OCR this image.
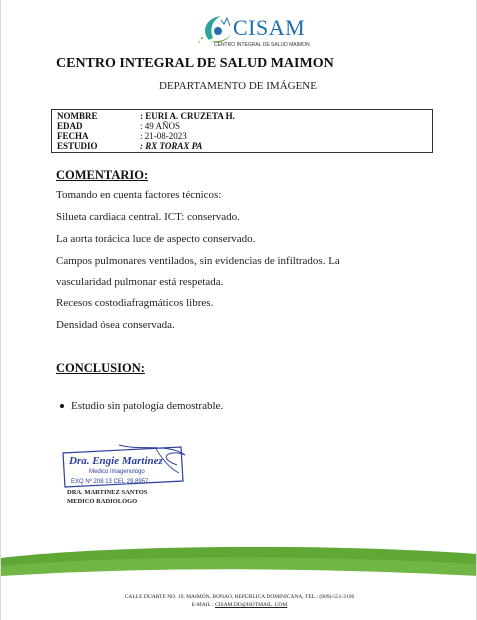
CISAM
CENTRO INTEGRAL DE SALUD MAIMON
CENTRO INTEGRAL DE SALUD MAIMON
DEPARTAMENTO DE IMÁGENE
NOMBRE	: EURI A. CRUZETA H.
EDAD	: 49 AÑOS
FECHA	: 21-08-2023
ESTUDIO	: RX TORAX PA
COMENTARIO:
Tomando en cuenta factores técnicos:
Silueta cardiaca central. ICT: conservado.
La aorta torácica luce de aspecto conservado.
Campos pulmonares ventilados, sin evidencias de infiltrados. La
vascularidad pulmonar está respetada.
Recesos costodiafragmáticos libres.
Densidad ósea conservada.
CONCLUSION:
Estudio sin patología demostrable.
Dra. Engie Martinez
Medico Imagenologo
EXQ Nº 208 13 CEL 29.8957
DRA. MARTINEZ SANTOS
MEDICO RADIOLOGO
CALLE DUARTE NO. 19, MAIMÓN, BONAO, REPÚBLICA DOMINICANA, TEL.: (809)-551-2196
E-MAIL : CISAM.DO@HOTMAIL .COM
